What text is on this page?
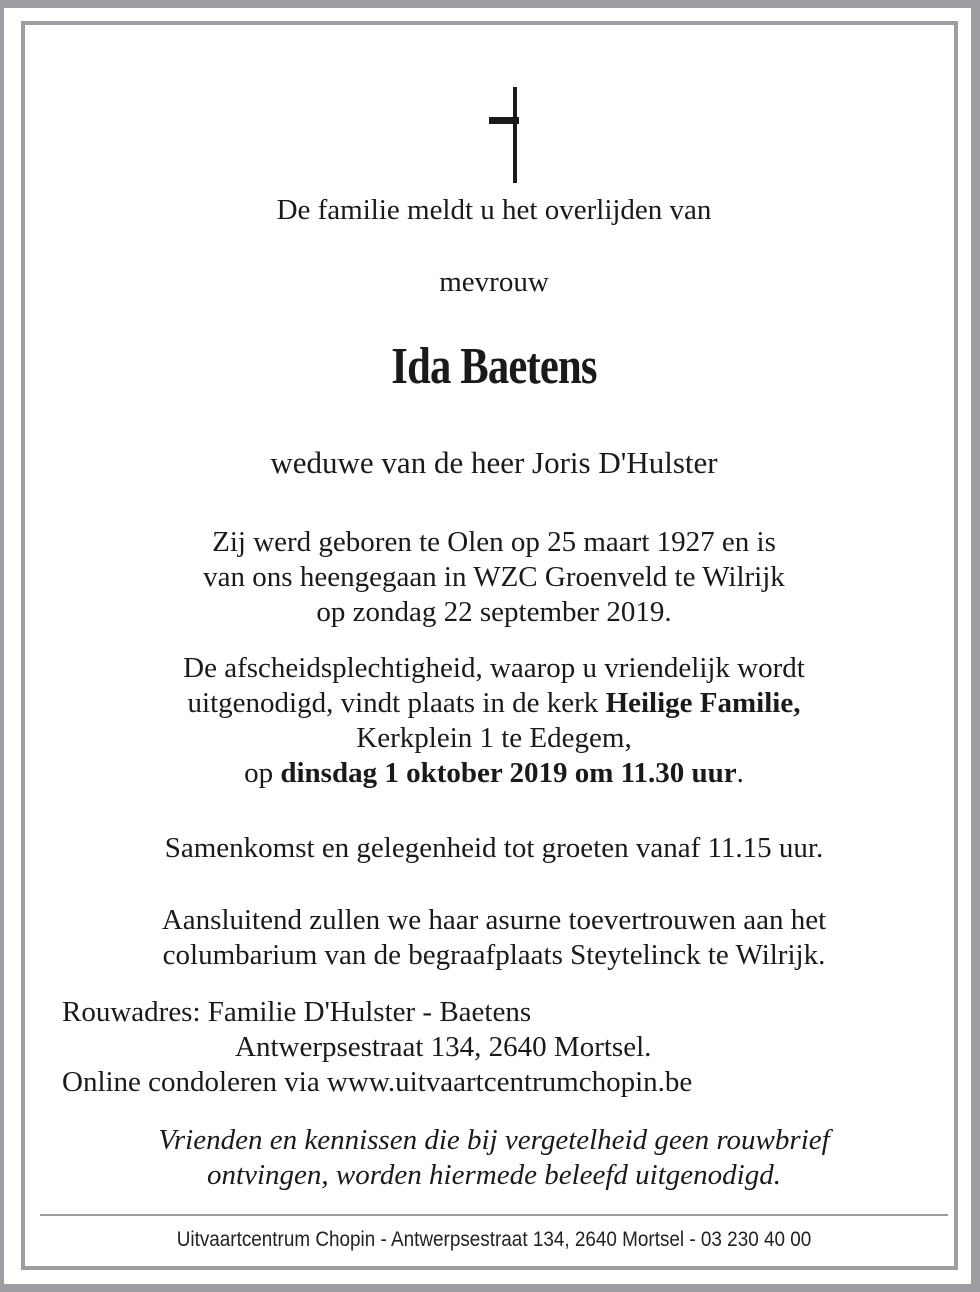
De familie meldt u het overlijden van
mevrouw
Ida Baetens
weduwe van de heer Joris D'Hulster
Zij werd geboren te Olen op 25 maart 1927 en is
van ons heengegaan in WZC Groenveld te Wilrijk
op zondag 22 september 2019.
De afscheidsplechtigheid, waarop u vriendelijk wordt
uitgenodigd, vindt plaats in de kerk Heilige Familie,
Kerkplein 1 te Edegem,
op dinsdag 1 oktober 2019 om 11.30 uur.
Samenkomst en gelegenheid tot groeten vanaf 11.15 uur.
Aansluitend zullen we haar asurne toevertrouwen aan het
columbarium van de begraafplaats Steytelinck te Wilrijk.
Rouwadres: Familie D'Hulster - Baetens
Antwerpsestraat 134, 2640 Mortsel.
Online condoleren via www.uitvaartcentrumchopin.be
Vrienden en kennissen die bij vergetelheid geen rouwbrief
ontvingen, worden hiermede beleefd uitgenodigd.
Uitvaartcentrum Chopin - Antwerpsestraat 134, 2640 Mortsel - 03 230 40 00
